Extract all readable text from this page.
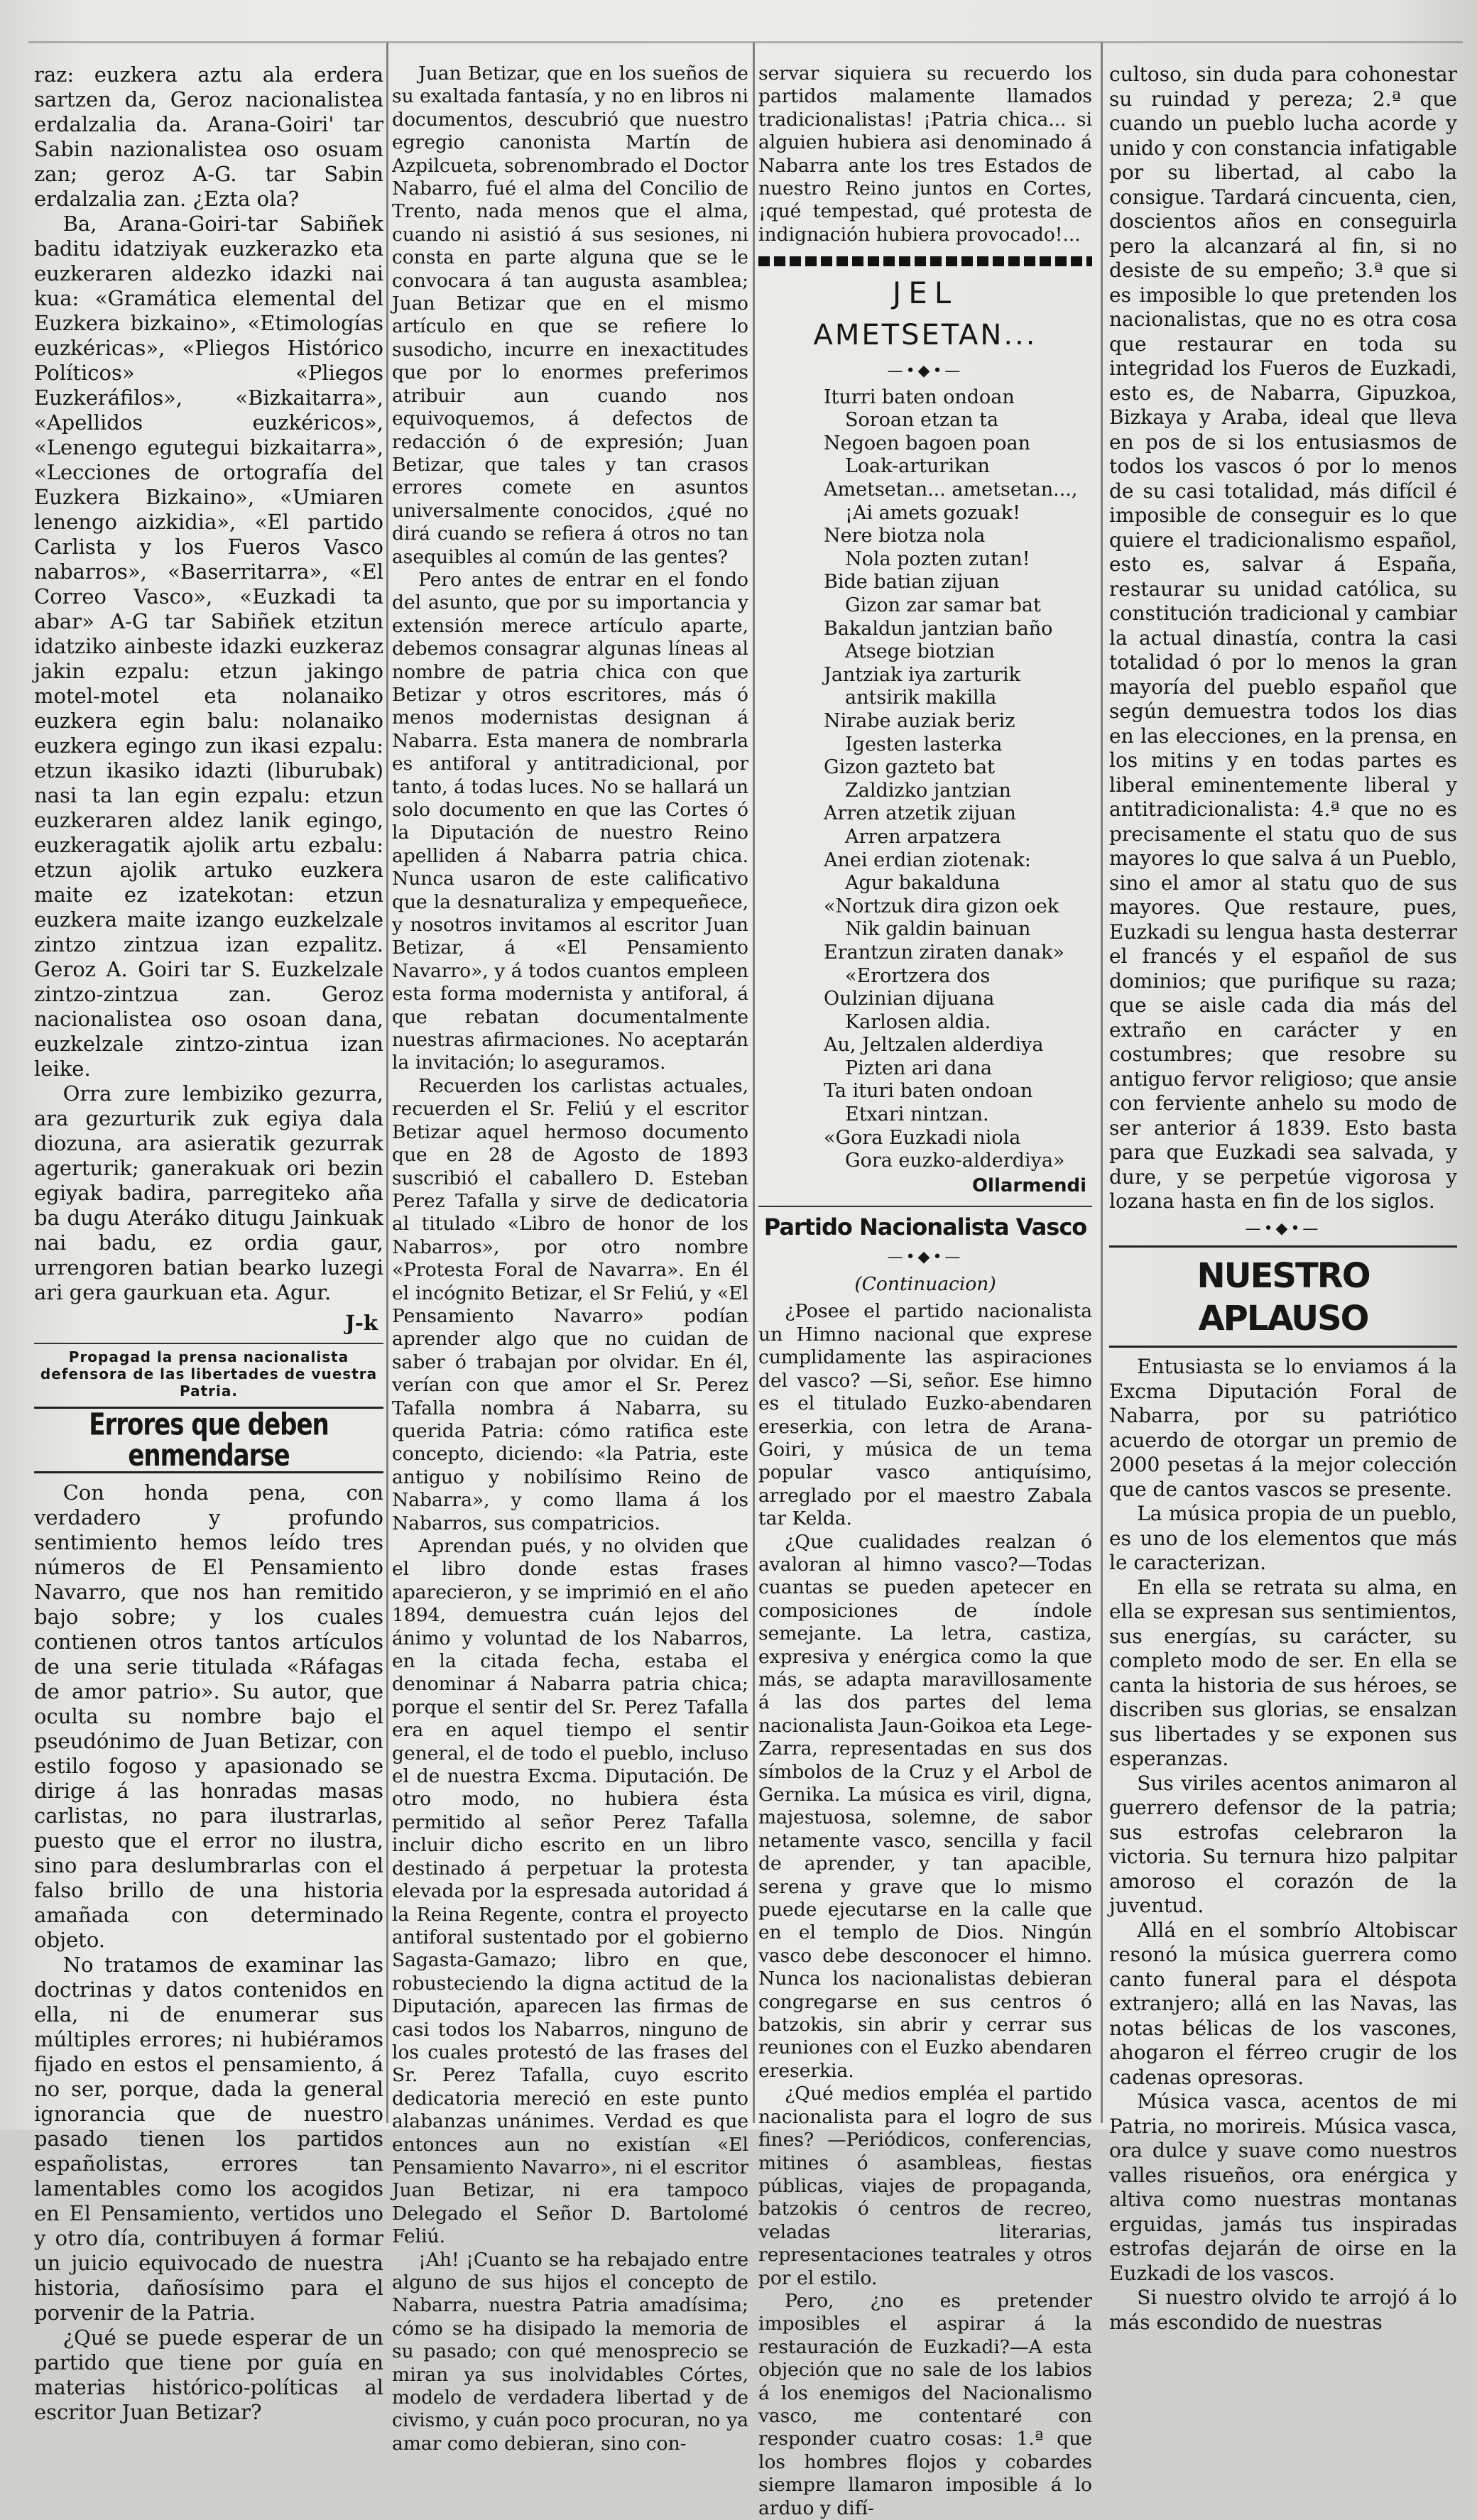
raz: euzkera aztu ala erdera sartzen da, Geroz nacionalistea erdalzalia da. Arana-Goiri' tar Sabin nazionalistea oso osuam zan; geroz A-G. tar Sabin erdalzalia zan. ¿Ezta ola?

Ba, Arana-Goiri-tar Sabiñek baditu idatziyak euzkerazko eta euzkeraren aldezko idazki nai kua: «Gramática elemental del Euzkera bizkaino», «Etimologías euzkéricas», «Pliegos Histórico Políticos» «Pliegos Euzkeráfilos», «Bizkaitarra», «Apellidos euzkéricos», «Lenengo egutegui bizkaitarra», «Lecciones de ortografía del Euzkera Bizkaino», «Umiaren lenengo aizkidia», «El partido Carlista y los Fueros Vasco nabarros», «Baserritarra», «El Correo Vasco», «Euzkadi ta abar» A-G tar Sabiñek etzitun idatziko ainbeste idazki euzkeraz jakin ezpalu: etzun jakingo motel-motel eta nolanaiko euzkera egin balu: nolanaiko euzkera egingo zun ikasi ezpalu: etzun ikasiko idazti (liburubak) nasi ta lan egin ezpalu: etzun euzkeraren aldez lanik egingo, euzkeragatik ajolik artu ezbalu: etzun ajolik artuko euzkera maite ez izatekotan: etzun euzkera maite izango euzkelzale zintzo zintzua izan ezpalitz. Geroz A. Goiri tar S. Euzkelzale zintzo-zintzua zan. Geroz nacionalistea oso osoan dana, euzkelzale zintzo-zintua izan leike.

Orra zure lembiziko gezurra, ara gezurturik zuk egiya dala diozuna, ara asieratik gezurrak agerturik; ganerakuak ori bezin egiyak badira, parregiteko aña ba dugu Ateráko ditugu Jainkuak nai badu, ez ordia gaur, urrengoren batian bearko luzegi ari gera gaurkuan eta. Agur.

J-k

Propagad la prensa nacionalista defensora de las libertades de vuestra Patria.

Errores que deben enmendarse

Con honda pena, con verdadero y profundo sentimiento hemos leído tres números de El Pensamiento Navarro, que nos han remitido bajo sobre; y los cuales contienen otros tantos artículos de una serie titulada «Ráfagas de amor patrio». Su autor, que oculta su nombre bajo el pseudónimo de Juan Betizar, con estilo fogoso y apasionado se dirige á las honradas masas carlistas, no para ilustrarlas, puesto que el error no ilustra, sino para deslumbrarlas con el falso brillo de una historia amañada con determinado objeto.

No tratamos de examinar las doctrinas y datos contenidos en ella, ni de enumerar sus múltiples errores; ni hubiéramos fijado en estos el pensamiento, á no ser, porque, dada la general ignorancia que de nuestro pasado tienen los partidos españolistas, errores tan lamentables como los acogidos en El Pensamiento, vertidos uno y otro día, contribuyen á formar un juicio equivocado de nuestra historia, dañosísimo para el porvenir de la Patria.

¿Qué se puede esperar de un partido que tiene por guía en materias histórico-políticas al escritor Juan Betizar?

Juan Betizar, que en los sueños de su exaltada fantasía, y no en libros ni documentos, descubrió que nuestro egregio canonista Martín de Azpilcueta, sobrenombrado el Doctor Nabarro, fué el alma del Concilio de Trento, nada menos que el alma, cuando ni asistió á sus sesiones, ni consta en parte alguna que se le convocara á tan augusta asamblea; Juan Betizar que en el mismo artículo en que se refiere lo susodicho, incurre en inexactitudes que por lo enormes preferimos atribuir aun cuando nos equivoquemos, á defectos de redacción ó de expresión; Juan Betizar, que tales y tan crasos errores comete en asuntos universalmente conocidos, ¿qué no dirá cuando se refiera á otros no tan asequibles al común de las gentes?

Pero antes de entrar en el fondo del asunto, que por su importancia y extensión merece artículo aparte, debemos consagrar algunas líneas al nombre de patria chica con que Betizar y otros escritores, más ó menos modernistas designan á Nabarra. Esta manera de nombrarla es antiforal y antitradicional, por tanto, á todas luces. No se hallará un solo documento en que las Cortes ó la Diputación de nuestro Reino apelliden á Nabarra patria chica. Nunca usaron de este calificativo que la desnaturaliza y empequeñece, y nosotros invitamos al escritor Juan Betizar, á «El Pensamiento Navarro», y á todos cuantos empleen esta forma modernista y antiforal, á que rebatan documentalmente nuestras afirmaciones. No aceptarán la invitación; lo aseguramos.

Recuerden los carlistas actuales, recuerden el Sr. Feliú y el escritor Betizar aquel hermoso documento que en 28 de Agosto de 1893 suscribió el caballero D. Esteban Perez Tafalla y sirve de dedicatoria al titulado «Libro de honor de los Nabarros», por otro nombre «Protesta Foral de Navarra». En él el incógnito Betizar, el Sr Feliú, y «El Pensamiento Navarro» podían aprender algo que no cuidan de saber ó trabajan por olvidar. En él, verían con que amor el Sr. Perez Tafalla nombra á Nabarra, su querida Patria: cómo ratifica este concepto, diciendo: «la Patria, este antiguo y nobilísimo Reino de Nabarra», y como llama á los Nabarros, sus compatricios.

Aprendan pués, y no olviden que el libro donde estas frases aparecieron, y se imprimió en el año 1894, demuestra cuán lejos del ánimo y voluntad de los Nabarros, en la citada fecha, estaba el denominar á Nabarra patria chica; porque el sentir del Sr. Perez Tafalla era en aquel tiempo el sentir general, el de todo el pueblo, incluso el de nuestra Excma. Diputación. De otro modo, no hubiera ésta permitido al señor Perez Tafalla incluir dicho escrito en un libro destinado á perpetuar la protesta elevada por la espresada autoridad á la Reina Regente, contra el proyecto antiforal sustentado por el gobierno Sagasta-Gamazo; libro en que, robusteciendo la digna actitud de la Diputación, aparecen las firmas de casi todos los Nabarros, ninguno de los cuales protestó de las frases del Sr. Perez Tafalla, cuyo escrito dedicatoria mereció en este punto alabanzas unánimes. Verdad es que entonces aun no existían «El Pensamiento Navarro», ni el escritor Juan Betizar, ni era tampoco Delegado el Señor D. Bartolomé Feliú.

¡Ah! ¡Cuanto se ha rebajado entre alguno de sus hijos el concepto de Nabarra, nuestra Patria amadísima; cómo se ha disipado la memoria de su pasado; con qué menosprecio se miran ya sus inolvidables Córtes, modelo de verdadera libertad y de civismo, y cuán poco procuran, no ya amar como debieran, sino con-

servar siquiera su recuerdo los partidos malamente llamados tradicionalistas! ¡Patria chica... si alguien hubiera asi denominado á Nabarra ante los tres Estados de nuestro Reino juntos en Cortes, ¡qué tempestad, qué protesta de indignación hubiera provocado!...

JEL
AMETSETAN...
—•◆•—
Iturri baten ondoan
Soroan etzan ta
Negoen bagoen poan
Loak-arturikan
Ametsetan... ametsetan...,
¡Ai amets gozuak!
Nere biotza nola
Nola pozten zutan!
Bide batian zijuan
Gizon zar samar bat
Bakaldun jantzian baño
Atsege biotzian
Jantziak iya zarturik
antsirik makilla
Nirabe auziak beriz
Igesten lasterka
Gizon gazteto bat
Zaldizko jantzian
Arren atzetik zijuan
Arren arpatzera
Anei erdian ziotenak:
Agur bakalduna
«Nortzuk dira gizon oek
Nik galdin bainuan
Erantzun ziraten danak»
«Erortzera dos
Oulzinian dijuana
Karlosen aldia.
Au, Jeltzalen alderdiya
Pizten ari dana
Ta ituri baten ondoan
Etxari nintzan.
«Gora Euzkadi niola
Gora euzko-alderdiya»

Ollarmendi

Partido Nacionalista Vasco
—•◆•—

(Continuacion)

¿Posee el partido nacionalista un Himno nacional que exprese cumplidamente las aspiraciones del vasco? —Si, señor. Ese himno es el titulado Euzko-abendaren ereserkia, con letra de Arana-Goiri, y música de un tema popular vasco antiquísimo, arreglado por el maestro Zabala tar Kelda.

¿Que cualidades realzan ó avaloran al himno vasco?—Todas cuantas se pueden apetecer en composiciones de índole semejante. La letra, castiza, expresiva y enérgica como la que más, se adapta maravillosamente á las dos partes del lema nacionalista Jaun-Goikoa eta Lege-Zarra, representadas en sus dos símbolos de la Cruz y el Arbol de Gernika. La música es viril, digna, majestuosa, solemne, de sabor netamente vasco, sencilla y facil de aprender, y tan apacible, serena y grave que lo mismo puede ejecutarse en la calle que en el templo de Dios. Ningún vasco debe desconocer el himno. Nunca los nacionalistas debieran congregarse en sus centros ó batzokis, sin abrir y cerrar sus reuniones con el Euzko abendaren ereserkia.

¿Qué medios empléa el partido nacionalista para el logro de sus fines? —Periódicos, conferencias, mitines ó asambleas, fiestas públicas, viajes de propaganda, batzokis ó centros de recreo, veladas literarias, representaciones teatrales y otros por el estilo.

Pero, ¿no es pretender imposibles el aspirar á la restauración de Euzkadi?—A esta objeción que no sale de los labios á los enemigos del Nacionalismo vasco, me contentaré con responder cuatro cosas: 1.ª que los hombres flojos y cobardes siempre llamaron imposible á lo arduo y difí-

cultoso, sin duda para cohonestar su ruindad y pereza; 2.ª que cuando un pueblo lucha acorde y unido y con constancia infatigable por su libertad, al cabo la consigue. Tardará cincuenta, cien, doscientos años en conseguirla pero la alcanzará al fin, si no desiste de su empeño; 3.ª que si es imposible lo que pretenden los nacionalistas, que no es otra cosa que restaurar en toda su integridad los Fueros de Euzkadi, esto es, de Nabarra, Gipuzkoa, Bizkaya y Araba, ideal que lleva en pos de si los entusiasmos de todos los vascos ó por lo menos de su casi totalidad, más difícil é imposible de conseguir es lo que quiere el tradicionalismo español, esto es, salvar á España, restaurar su unidad católica, su constitución tradicional y cambiar la actual dinastía, contra la casi totalidad ó por lo menos la gran mayoría del pueblo español que según demuestra todos los dias en las elecciones, en la prensa, en los mitins y en todas partes es liberal eminentemente liberal y antitradicionalista: 4.ª que no es precisamente el statu quo de sus mayores lo que salva á un Pueblo, sino el amor al statu quo de sus mayores. Que restaure, pues, Euzkadi su lengua hasta desterrar el francés y el español de sus dominios; que purifique su raza; que se aisle cada dia más del extraño en carácter y en costumbres; que resobre su antiguo fervor religioso; que ansie con ferviente anhelo su modo de ser anterior á 1839. Esto basta para que Euzkadi sea salvada, y dure, y se perpetúe vigorosa y lozana hasta en fin de los siglos.

—•◆•—
NUESTRO APLAUSO

Entusiasta se lo enviamos á la Excma Diputación Foral de Nabarra, por su patriótico acuerdo de otorgar un premio de 2000 pesetas á la mejor colección que de cantos vascos se presente.

La música propia de un pueblo, es uno de los elementos que más le caracterizan.

En ella se retrata su alma, en ella se expresan sus sentimientos, sus energías, su carácter, su completo modo de ser. En ella se canta la historia de sus héroes, se discriben sus glorias, se ensalzan sus libertades y se exponen sus esperanzas.

Sus viriles acentos animaron al guerrero defensor de la patria; sus estrofas celebraron la victoria. Su ternura hizo palpitar amoroso el corazón de la juventud.

Allá en el sombrío Altobiscar resonó la música guerrera como canto funeral para el déspota extranjero; allá en las Navas, las notas bélicas de los vascones, ahogaron el férreo crugir de los cadenas opresoras.

Música vasca, acentos de mi Patria, no morireis. Música vasca, ora dulce y suave como nuestros valles risueños, ora enérgica y altiva como nuestras montanas erguidas, jamás tus inspiradas estrofas dejarán de oirse en la Euzkadi de los vascos.

Si nuestro olvido te arrojó á lo más escondido de nuestras
